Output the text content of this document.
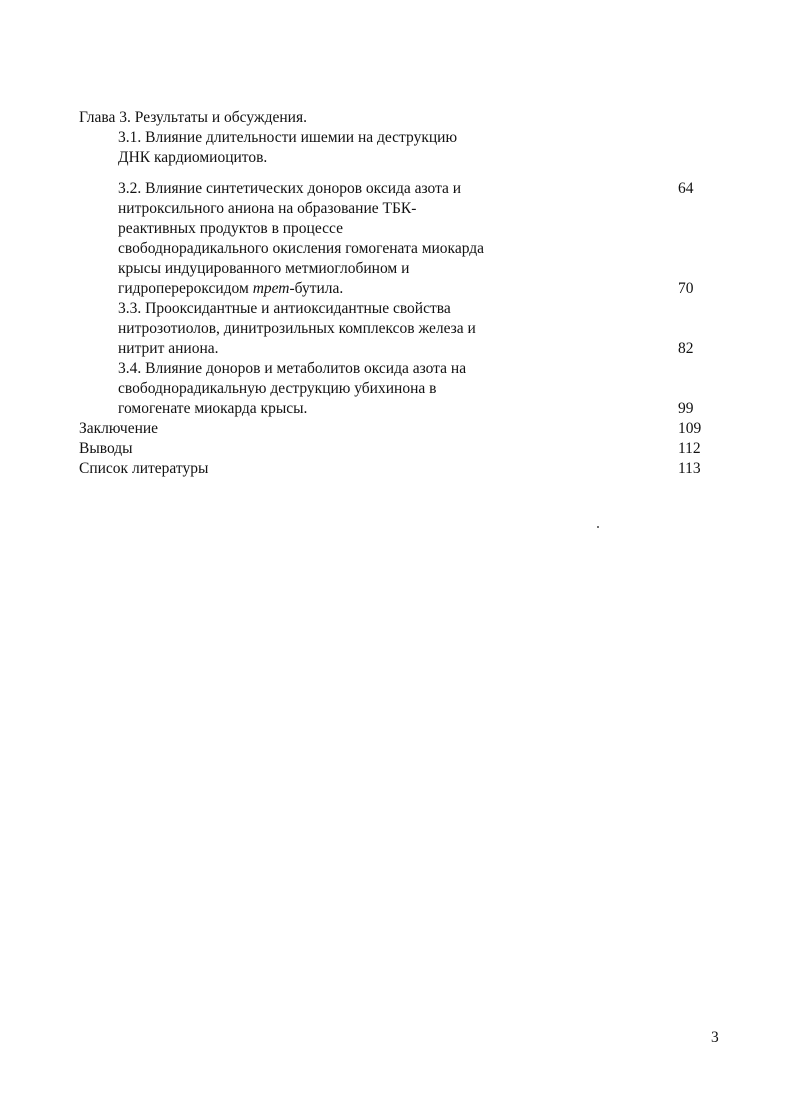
Глава 3. Результаты и обсуждения.
3.1. Влияние длительности ишемии на деструкцию
ДНК кардиомиоцитов.
64
3.2. Влияние синтетических доноров оксида азота и
нитроксильного аниона на образование ТБК-
реактивных продуктов в процессе
свободнорадикального окисления гомогената миокарда
крысы индуцированного метмиоглобином и
гидроперероксидом трет-бутила.	70
3.3. Прооксидантные и антиоксидантные свойства
нитрозотиолов, динитрозильных комплексов железа и
нитрит аниона.	82
3.4. Влияние доноров и метаболитов оксида азота на
свободнорадикальную деструкцию убихинона в
гомогенате миокарда крысы.	99
Заключение	109
Выводы	112
Список литературы	113
3
